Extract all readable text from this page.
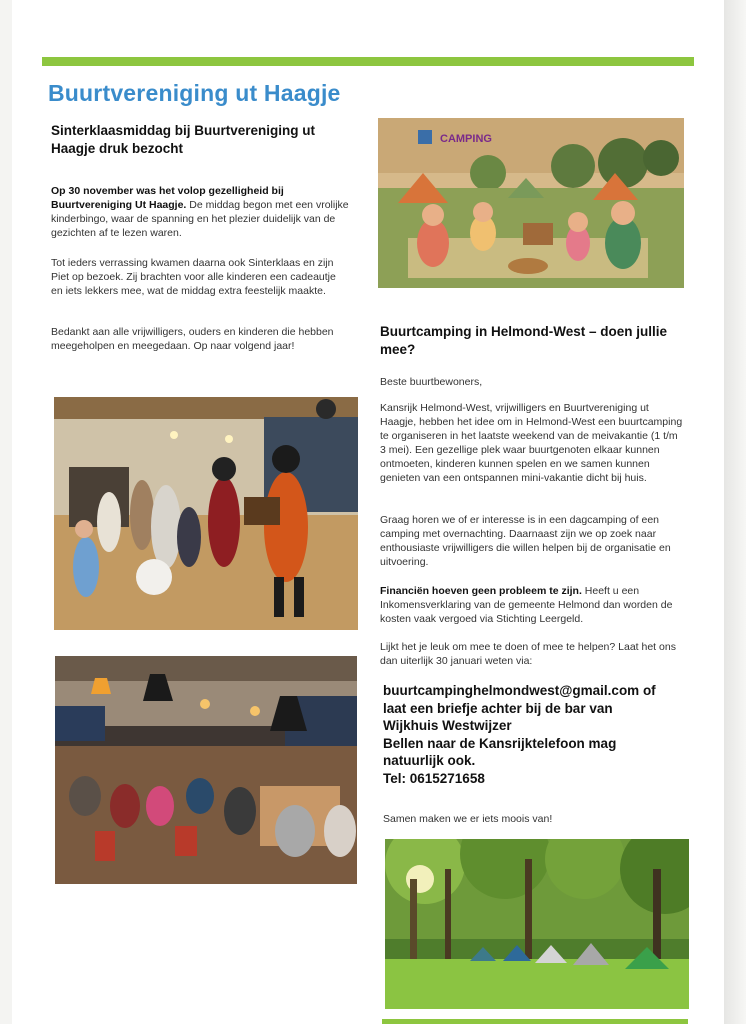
Buurtvereniging ut Haagje
Sinterklaasmiddag bij Buurtvereniging ut Haagje druk bezocht

Op 30 november was het volop gezelligheid bij Buurtvereniging Ut Haagje. De middag begon met een vrolijke kinderbingo, waar de spanning en het plezier duidelijk van de gezichten af te lezen waren.

Tot ieders verrassing kwamen daarna ook Sinterklaas en zijn Piet op bezoek. Zij brachten voor alle kinderen een cadeautje en iets lekkers mee, wat de middag extra feestelijk maakte.

Bedankt aan alle vrijwilligers, ouders en kinderen die hebben meegeholpen en meegedaan. Op naar volgend jaar!

CAMPING
Buurtcamping in Helmond-West – doen jullie mee?

Beste buurtbewoners,

Kansrijk Helmond-West, vrijwilligers en Buurtvereniging ut Haagje, hebben het idee om in Helmond-West een buurtcamping te organiseren in het laatste weekend van de meivakantie (1 t/m 3 mei). Een gezellige plek waar buurtgenoten elkaar kunnen ontmoeten, kinderen kunnen spelen en we samen kunnen genieten van een ontspannen mini-vakantie dicht bij huis.

Graag horen we of er interesse is in een dagcamping of een camping met overnachting. Daarnaast zijn we op zoek naar enthousiaste vrijwilligers die willen helpen bij de organisatie en uitvoering.

Financiën hoeven geen probleem te zijn. Heeft u een Inkomensverklaring van de gemeente Helmond dan worden de kosten vaak vergoed via Stichting Leergeld.

Lijkt het je leuk om mee te doen of mee te helpen? Laat het ons dan uiterlijk 30 januari weten via:

buurtcampinghelmondwest@gmail.com of
laat een briefje achter bij de bar van
Wijkhuis Westwijzer
Bellen naar de Kansrijktelefoon mag
natuurlijk ook.
Tel: 0615271658

Samen maken we er iets moois van!
